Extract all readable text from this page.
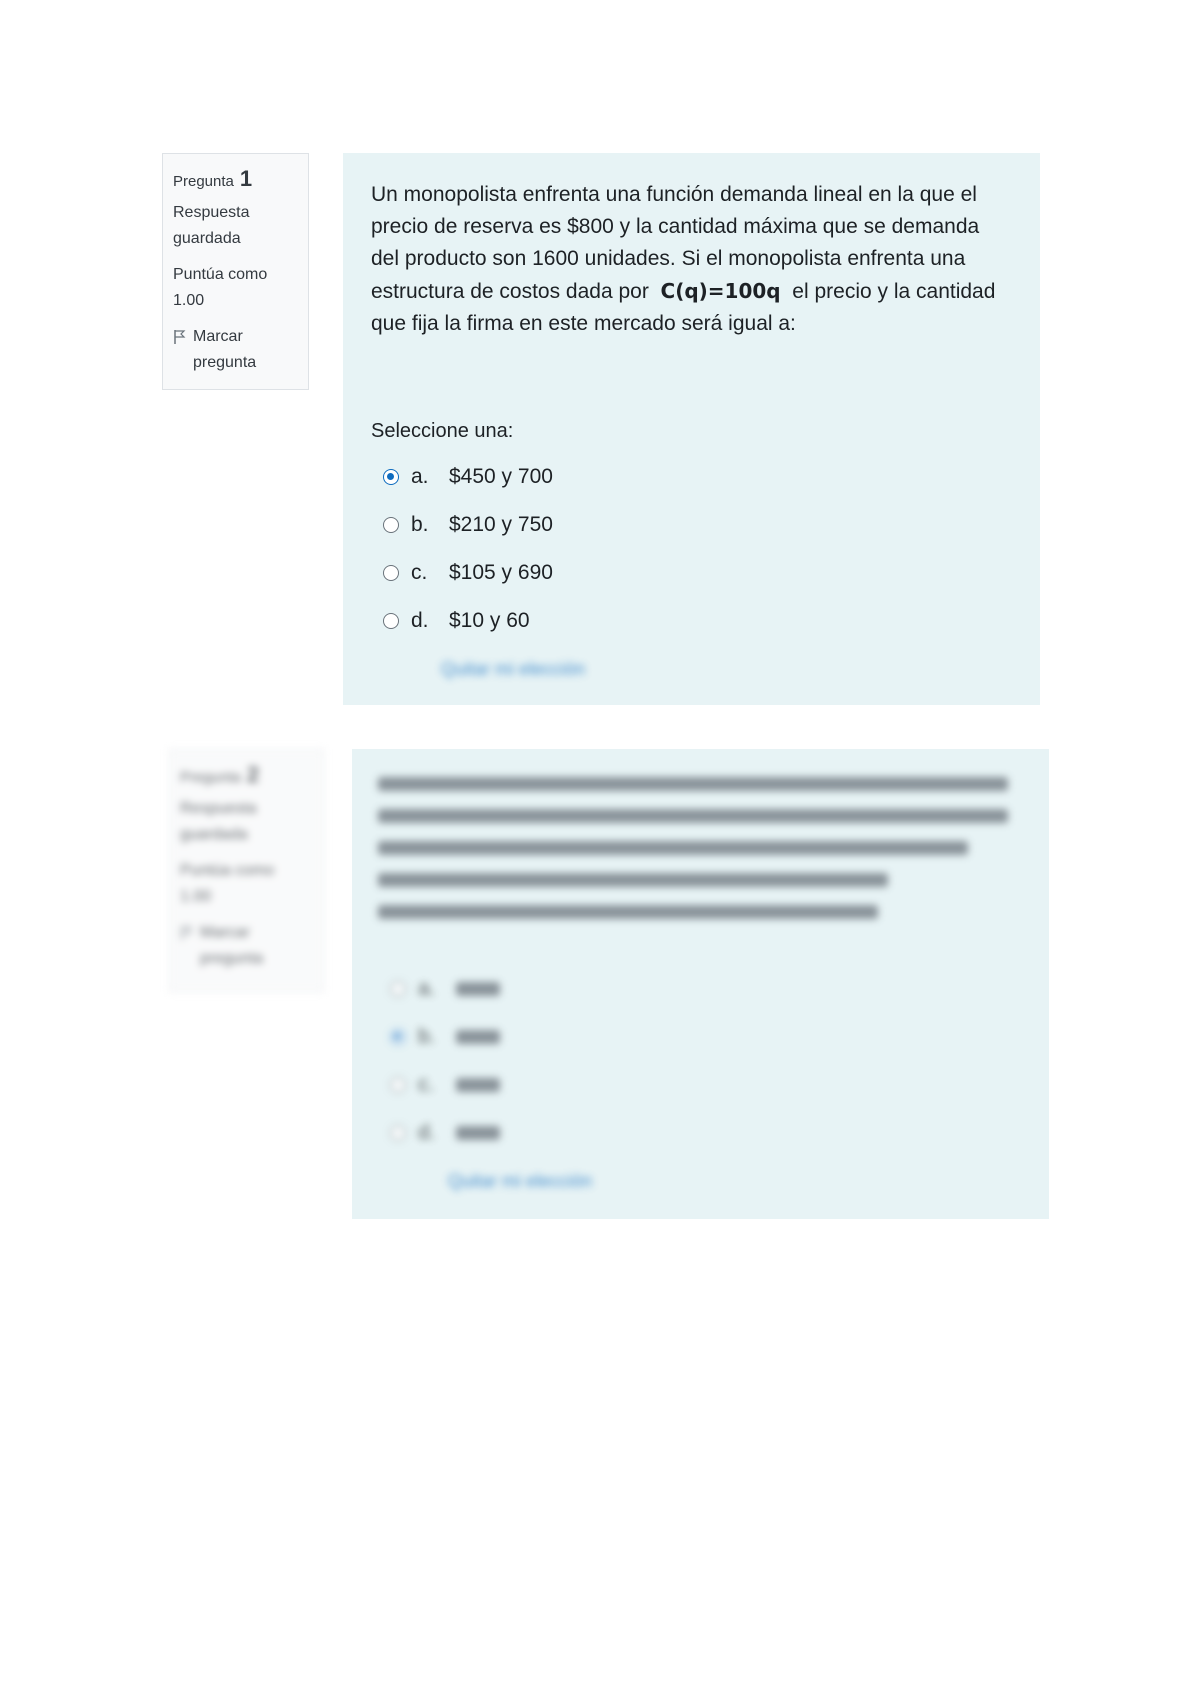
Pregunta 1
Respuesta guardada
Puntúa como
1.00
Marcar pregunta
Un monopolista enfrenta una función demanda lineal en la que el precio de reserva es $800 y la cantidad máxima que se demanda del producto son 1600 unidades. Si el monopolista enfrenta una estructura de costos dada por C(q)=100q el precio y la cantidad que fija la firma en este mercado será igual a:
Seleccione una:
a. $450 y 700
b. $210 y 750
c.	$105 y 690
d. $10 y 60
Quitar mi elección
Pregunta 2
Respuesta guardada
Puntúa como
1.00
Marcar pregunta
a.
b.
c.
d.
Quitar mi elección
